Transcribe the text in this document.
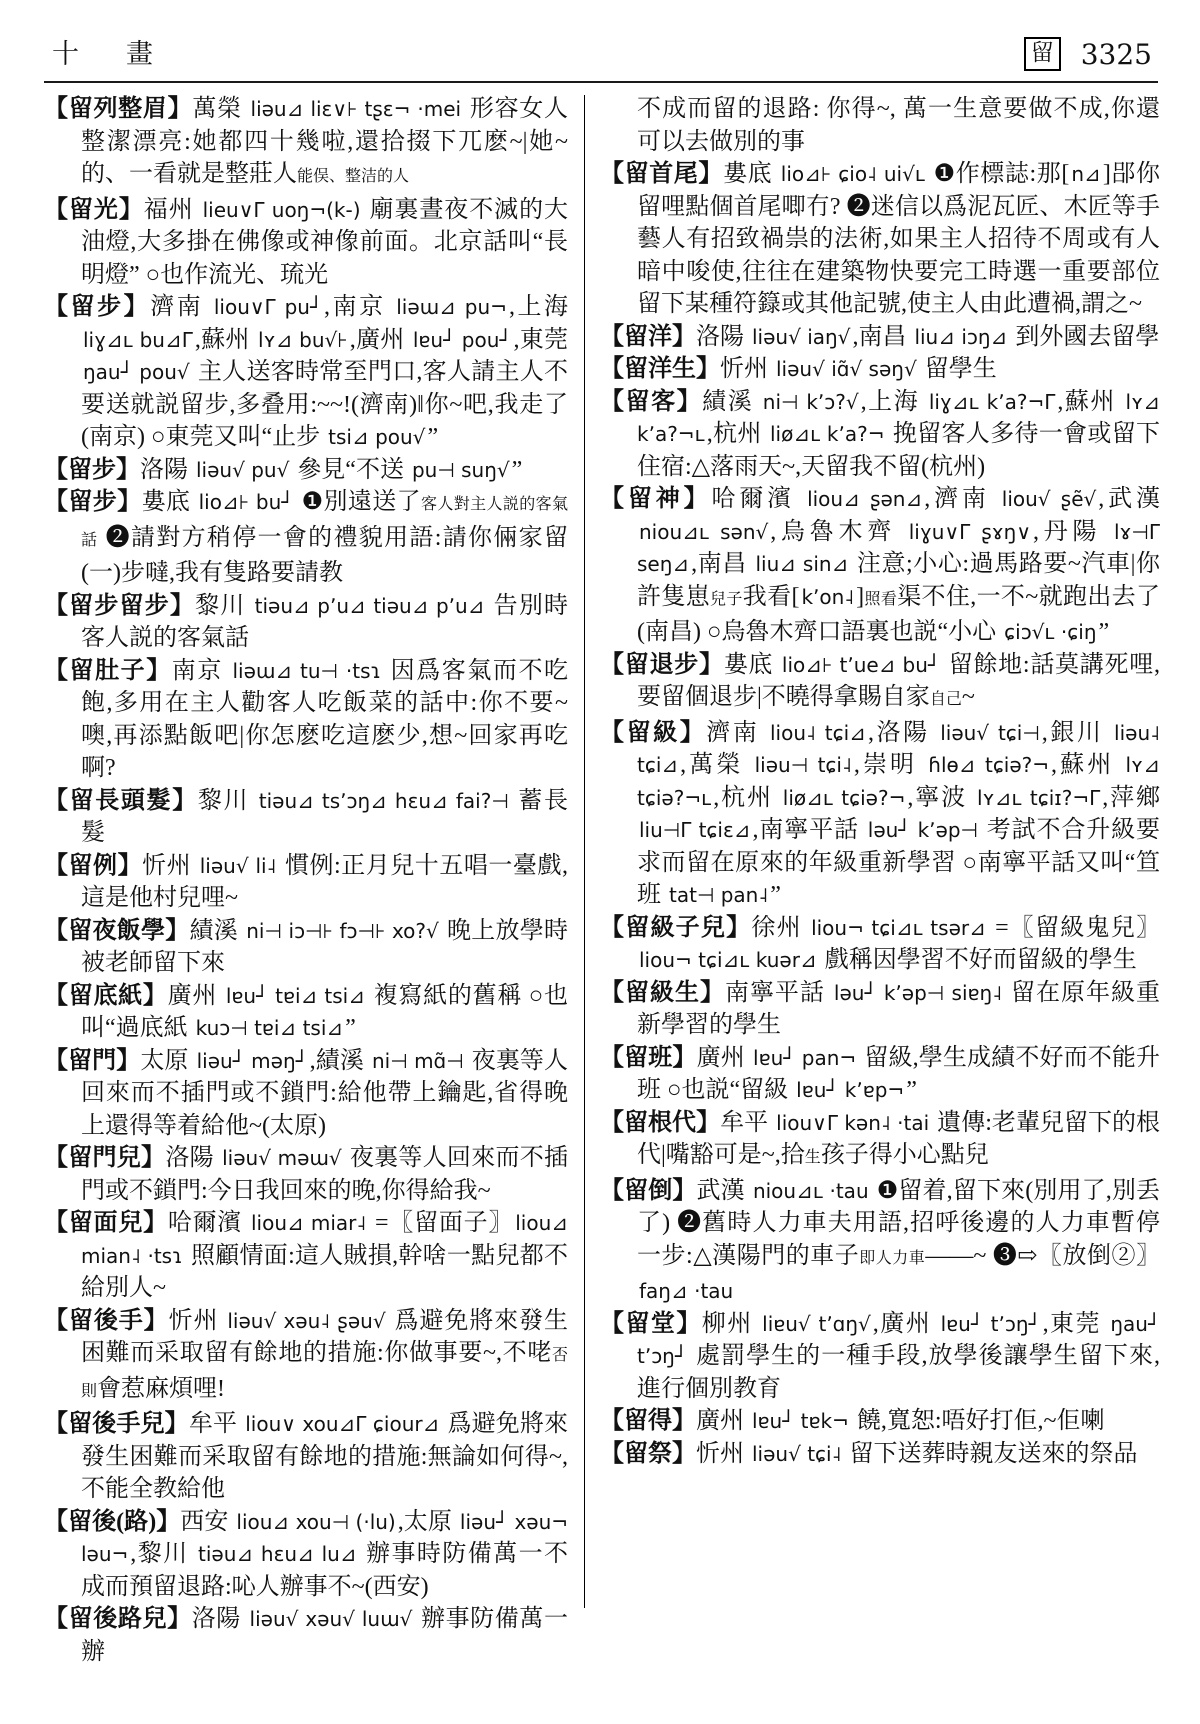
十　畫	留 3325

【留列整眉】萬榮 liəu⊿ liɛ∨⊦ tʂɛ¬ ·mei 形容女人整潔漂亮:她都四十幾啦,還拾掇下兀麽~|她~的、一看就是整莊人能俣、整洁的人

【留光】福州 lieu∨Γ uoŋ¬(k-) 廟裏晝夜不滅的大油燈,大多掛在佛像或神像前面。北京話叫“長明燈” ○也作流光、琉光

【留步】濟南 liou∨Γ pu┘,南京 liəɯ⊿ pu¬,上海 liɣ⊿ʟ bu⊿Γ,蘇州 lʏ⊿ bu√⊦,廣州 lɐu┘ pou┘,東莞 ŋau┘ pou√ 主人送客時常至門口,客人請主人不要送就説留步,多叠用:~~!(濟南)‖你~吧,我走了(南京) ○東莞又叫“止步 tsi⊿ pou√”

【留步】洛陽 liəu√ pu√ 參見“不送 pu⊣ suŋ√”

【留步】婁底 lio⊿⊦ bu┘ ❶別遠送了客人對主人説的客氣話 ❷請對方稍停一會的禮貌用語:請你倆家留(一)步噠,我有隻路要請教

【留步留步】黎川 tiəu⊿ pʼu⊿ tiəu⊿ pʼu⊿ 告別時客人説的客氣話

【留肚子】南京 liəɯ⊿ tu⊣ ·tsɿ 因爲客氣而不吃飽,多用在主人勸客人吃飯菜的話中:你不要~噢,再添點飯吧|你怎麽吃這麽少,想~回家再吃啊?

【留長頭髮】黎川 tiəu⊿ tsʼɔŋ⊿ hɛu⊿ fai?⊣ 蓄長髮

【留例】忻州 liəu√ li˨ 慣例:正月兒十五唱一臺戲,這是他村兒哩~

【留夜飯學】績溪 ni⊣ iɔ⊣⊦ fɔ⊣⊦ xo?√ 晚上放學時被老師留下來

【留底紙】廣州 lɐu┘ tɐi⊿ tsi⊿ 複寫紙的舊稱 ○也叫“過底紙 kuɔ⊣ tɐi⊿ tsi⊿”

【留門】太原 liəu┘ məŋ┘,績溪 ni⊣ mɑ̃⊣ 夜裏等人回來而不插門或不鎖門:給他帶上鑰匙,省得晚上還得等着給他~(太原)

【留門兒】洛陽 liəu√ məɯ√ 夜裏等人回來而不插門或不鎖門:今日我回來的晚,你得給我~

【留面兒】哈爾濱 liou⊿ miar˨ =〖留面子〗 liou⊿ mian˨ ·tsɿ 照顧情面:這人賊損,幹啥一點兒都不給別人~

【留後手】忻州 liəu√ xəu˨ ʂəu√ 爲避免將來發生困難而采取留有餘地的措施:你做事要~,不咾否則會惹麻煩哩!

【留後手兒】牟平 liou∨ xou⊿Γ ɕiour⊿ 爲避免將來發生困難而采取留有餘地的措施:無論如何得~,不能全教給他

【留後(路)】西安 liou⊿ xou⊣ (·lu),太原 liəu┘ xəu¬ ləu¬,黎川 tiəu⊿ hɛu⊿ lu⊿ 辦事時防備萬一不成而預留退路:吣人辦事不~(西安)

【留後路兒】洛陽 liəu√ xəu√ luɯ√ 辦事防備萬一辦

不成而留的退路: 你得~, 萬一生意要做不成,你還可以去做別的事

【留首尾】婁底 lio⊿⊦ ɕio˨ ui√ʟ ❶作標誌:那[ n⊿]郘你留哩點個首尾唧冇? ❷迷信以爲泥瓦匠、木匠等手藝人有招致禍祟的法術,如果主人招待不周或有人暗中唆使,往往在建築物快要完工時選一重要部位留下某種符籙或其他記號,使主人由此遭禍,謂之~

【留洋】洛陽 liəu√ iaŋ√,南昌 liu⊿ iɔŋ⊿ 到外國去留學

【留洋生】忻州 liəu√ iɑ̃√ səŋ√ 留學生

【留客】績溪 ni⊣ kʼɔ?√,上海 liɣ⊿ʟ kʼa?¬Γ,蘇州 lʏ⊿ kʼa?¬ʟ,杭州 liø⊿ʟ kʼa?¬ 挽留客人多待一會或留下住宿:△落雨天~,天留我不留(杭州)

【留神】哈爾濱 liou⊿ ʂən⊿,濟南 liou√ ʂẽ√,武漢 niou⊿ʟ sən√,烏魯木齊 liɣu∨Γ ʂɤŋ∨,丹陽 lɤ⊣Γ seŋ⊿,南昌 liu⊿ sin⊿ 注意;小心:過馬路要~汽車|你許隻崽兒子我看[ kʼon˨]照看渠不住,一不~就跑出去了(南昌) ○烏魯木齊口語裏也説“小心 ɕiɔ√ʟ ·ɕiŋ”

【留退步】婁底 lio⊿⊦ tʼue⊿ bu┘ 留餘地:話莫講死哩,要留個退步|不曉得拿賜自家自己~

【留級】濟南 liou˨ tɕi⊿,洛陽 liəu√ tɕi⊣,銀川 liəu˨ tɕi⊿,萬榮 liəu⊣ tɕi˨,崇明 ɦlɵ⊿ tɕiə?¬,蘇州 lʏ⊿ tɕiə?¬ʟ,杭州 liø⊿ʟ tɕiə?¬,寧波 lʏ⊿ʟ tɕiɪ?¬Γ,萍鄉 liu⊣Γ tɕiɛ⊿,南寧平話 ləu┘ kʼəp⊣ 考試不合升級要求而留在原來的年級重新學習 ○南寧平話又叫“笪班 tat⊣ pan˨”

【留級子兒】徐州 liou¬ tɕi⊿ʟ tsər⊿ =〖留級鬼兒〗liou¬ tɕi⊿ʟ kuər⊿ 戲稱因學習不好而留級的學生

【留級生】南寧平話 ləu┘ kʼəp⊣ siɐŋ˨ 留在原年級重新學習的學生

【留班】廣州 lɐu┘ pan¬ 留級,學生成績不好而不能升班 ○也説“留級 lɐu┘ kʼɐp¬”

【留根代】牟平 liou∨Γ kən˨ ·tai 遺傳:老輩兒留下的根代|嘴豁可是~,拾生孩子得小心點兒

【留倒】武漢 niou⊿ʟ ·tau ❶留着,留下來(別用了,別丢了) ❷舊時人力車夫用語,招呼後邊的人力車暫停一步:△漢陽門的車子即人力車——~ ❸⇨〖放倒②〗faŋ⊿ ·tau

【留堂】柳州 liɐu√ tʼɑŋ√,廣州 lɐu┘ tʼɔŋ┘,東莞 ŋau┘ tʼɔŋ┘ 處罰學生的一種手段,放學後讓學生留下來,進行個別教育

【留得】廣州 lɐu┘ tɐk¬ 饒,寬恕:唔好打佢,~佢喇

【留祭】忻州 liəu√ tɕi˨ 留下送葬時親友送來的祭品
